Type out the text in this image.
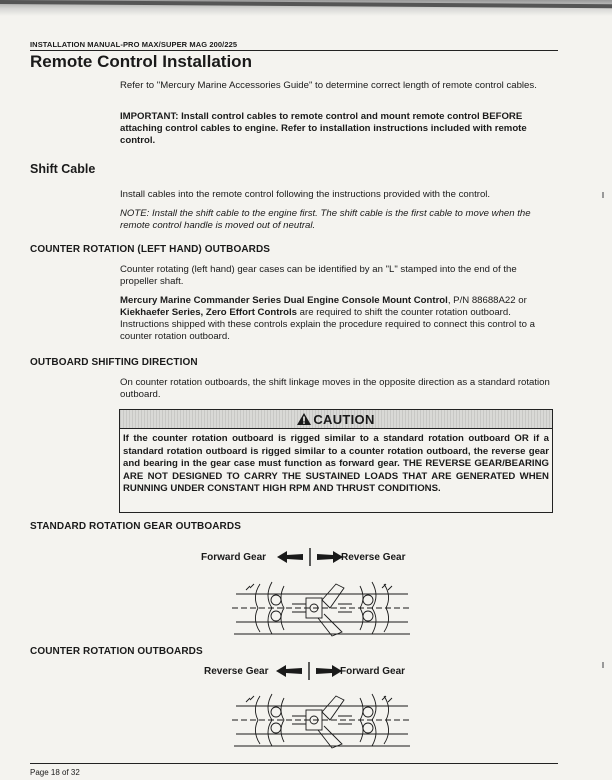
INSTALLATION MANUAL-PRO MAX/SUPER MAG 200/225
Remote Control Installation

Refer to "Mercury Marine Accessories Guide" to determine correct length of remote control cables.

IMPORTANT: Install control cables to remote control and mount remote control BEFORE attaching control cables to engine. Refer to installation instructions included with remote control.

Shift Cable

Install cables into the remote control following the instructions provided with the control.

NOTE: Install the shift cable to the engine first. The shift cable is the first cable to move when the remote control handle is moved out of neutral.

COUNTER ROTATION (LEFT HAND) OUTBOARDS

Counter rotating (left hand) gear cases can be identified by an "L" stamped into the end of the propeller shaft.

Mercury Marine Commander Series Dual Engine Console Mount Control, P/N 88688A22 or Kiekhaefer Series, Zero Effort Controls are required to shift the counter rotation outboard. Instructions shipped with these controls explain the procedure required to connect this control to a counter rotation outboard.

OUTBOARD SHIFTING DIRECTION

On counter rotation outboards, the shift linkage moves in the opposite direction as a standard rotation outboard.

CAUTION
If the counter rotation outboard is rigged similar to a standard rotation outboard OR if a standard rotation outboard is rigged similar to a counter rotation outboard, the reverse gear and bearing in the gear case must function as forward gear. THE REVERSE GEAR/BEARING ARE NOT DESIGNED TO CARRY THE SUSTAINED LOADS THAT ARE GENERATED WHEN RUNNING UNDER CONSTANT HIGH RPM AND THRUST CONDITIONS.
STANDARD ROTATION GEAR OUTBOARDS
Forward Gear	Reverse Gear
COUNTER ROTATION OUTBOARDS
Reverse Gear	Forward Gear
Page 18 of 32
